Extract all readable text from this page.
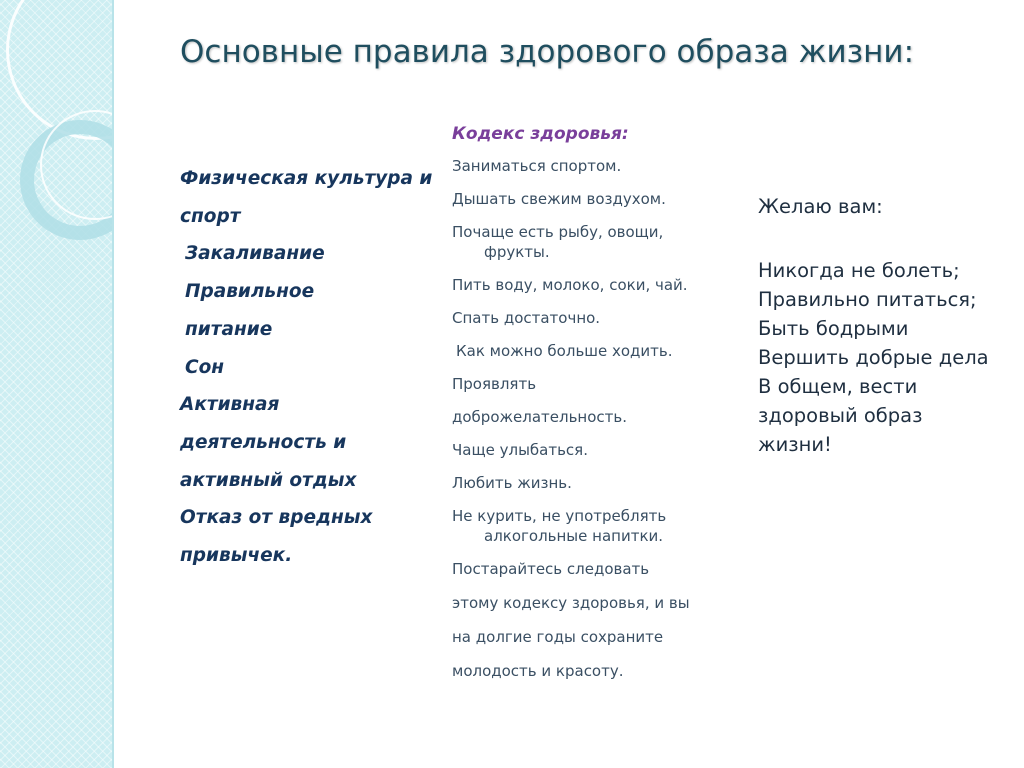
Основные правила здорового образа жизни:
Физическая культура и
спорт
Закаливание
Правильное
питание
Сон
Активная
деятельность и
активный отдых
Отказ от вредных
привычек.
Кодекс здоровья:
Заниматься спортом.
Дышать свежим воздухом.
Почаще есть рыбу, овощи,
фрукты.
Пить воду, молоко, соки, чай.
Спать достаточно.
Как можно больше ходить.
Проявлять
доброжелательность.
Чаще улыбаться.
Любить жизнь.
Не курить, не употреблять
алкогольные напитки.
Постарайтесь следовать
этому кодексу здоровья, и вы
на долгие годы сохраните
молодость и красоту.
Желаю вам:
Никогда не болеть;
Правильно питаться;
Быть бодрыми
Вершить добрые дела
В общем, вести
здоровый образ
жизни!
